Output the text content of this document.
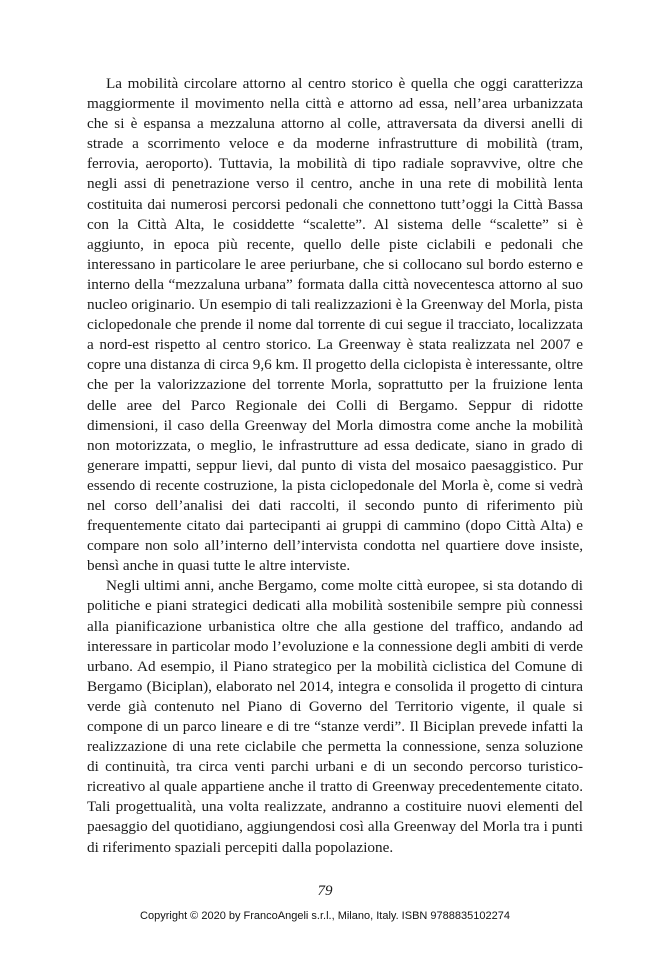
La mobilità circolare attorno al centro storico è quella che oggi caratterizza maggiormente il movimento nella città e attorno ad essa, nell’area urbanizzata che si è espansa a mezzaluna attorno al colle, attraversata da diversi anelli di strade a scorrimento veloce e da moderne infrastrutture di mobilità (tram, ferrovia, aeroporto). Tuttavia, la mobilità di tipo radiale sopravvive, oltre che negli assi di penetrazione verso il centro, anche in una rete di mobilità lenta costituita dai numerosi percorsi pedonali che connettono tutt’oggi la Città Bassa con la Città Alta, le cosiddette “scalette”. Al sistema delle “scalette” si è aggiunto, in epoca più recente, quello delle piste ciclabili e pedonali che interessano in particolare le aree periurbane, che si collocano sul bordo esterno e interno della “mezzaluna urbana” formata dalla città novecentesca attorno al suo nucleo originario. Un esempio di tali realizzazioni è la Greenway del Morla, pista ciclopedonale che prende il nome dal torrente di cui segue il tracciato, localizzata a nord-est rispetto al centro storico. La Greenway è stata realizzata nel 2007 e copre una distanza di circa 9,6 km. Il progetto della ciclopista è interessante, oltre che per la valorizzazione del torrente Morla, soprattutto per la fruizione lenta delle aree del Parco Regionale dei Colli di Bergamo. Seppur di ridotte dimensioni, il caso della Greenway del Morla dimostra come anche la mobilità non motorizzata, o meglio, le infrastrutture ad essa dedicate, siano in grado di generare impatti, seppur lievi, dal punto di vista del mosaico paesaggistico. Pur essendo di recente costruzione, la pista ciclopedonale del Morla è, come si vedrà nel corso dell’analisi dei dati raccolti, il secondo punto di riferimento più frequentemente citato dai partecipanti ai gruppi di cammino (dopo Città Alta) e compare non solo all’interno dell’intervista condotta nel quartiere dove insiste, bensì anche in quasi tutte le altre interviste.

Negli ultimi anni, anche Bergamo, come molte città europee, si sta dotando di politiche e piani strategici dedicati alla mobilità sostenibile sempre più connessi alla pianificazione urbanistica oltre che alla gestione del traffico, andando ad interessare in particolar modo l’evoluzione e la connessione degli ambiti di verde urbano. Ad esempio, il Piano strategico per la mobilità ciclistica del Comune di Bergamo (Biciplan), elaborato nel 2014, integra e consolida il progetto di cintura verde già contenuto nel Piano di Governo del Territorio vigente, il quale si compone di un parco lineare e di tre “stanze verdi”. Il Biciplan prevede infatti la realizzazione di una rete ciclabile che permetta la connessione, senza soluzione di continuità, tra circa venti parchi urbani e di un secondo percorso turistico-ricreativo al quale appartiene anche il tratto di Greenway precedentemente citato. Tali progettualità, una volta realizzate, andranno a costituire nuovi elementi del paesaggio del quotidiano, aggiungendosi così alla Greenway del Morla tra i punti di riferimento spaziali percepiti dalla popolazione.

79
Copyright © 2020 by FrancoAngeli s.r.l., Milano, Italy. ISBN 9788835102274
